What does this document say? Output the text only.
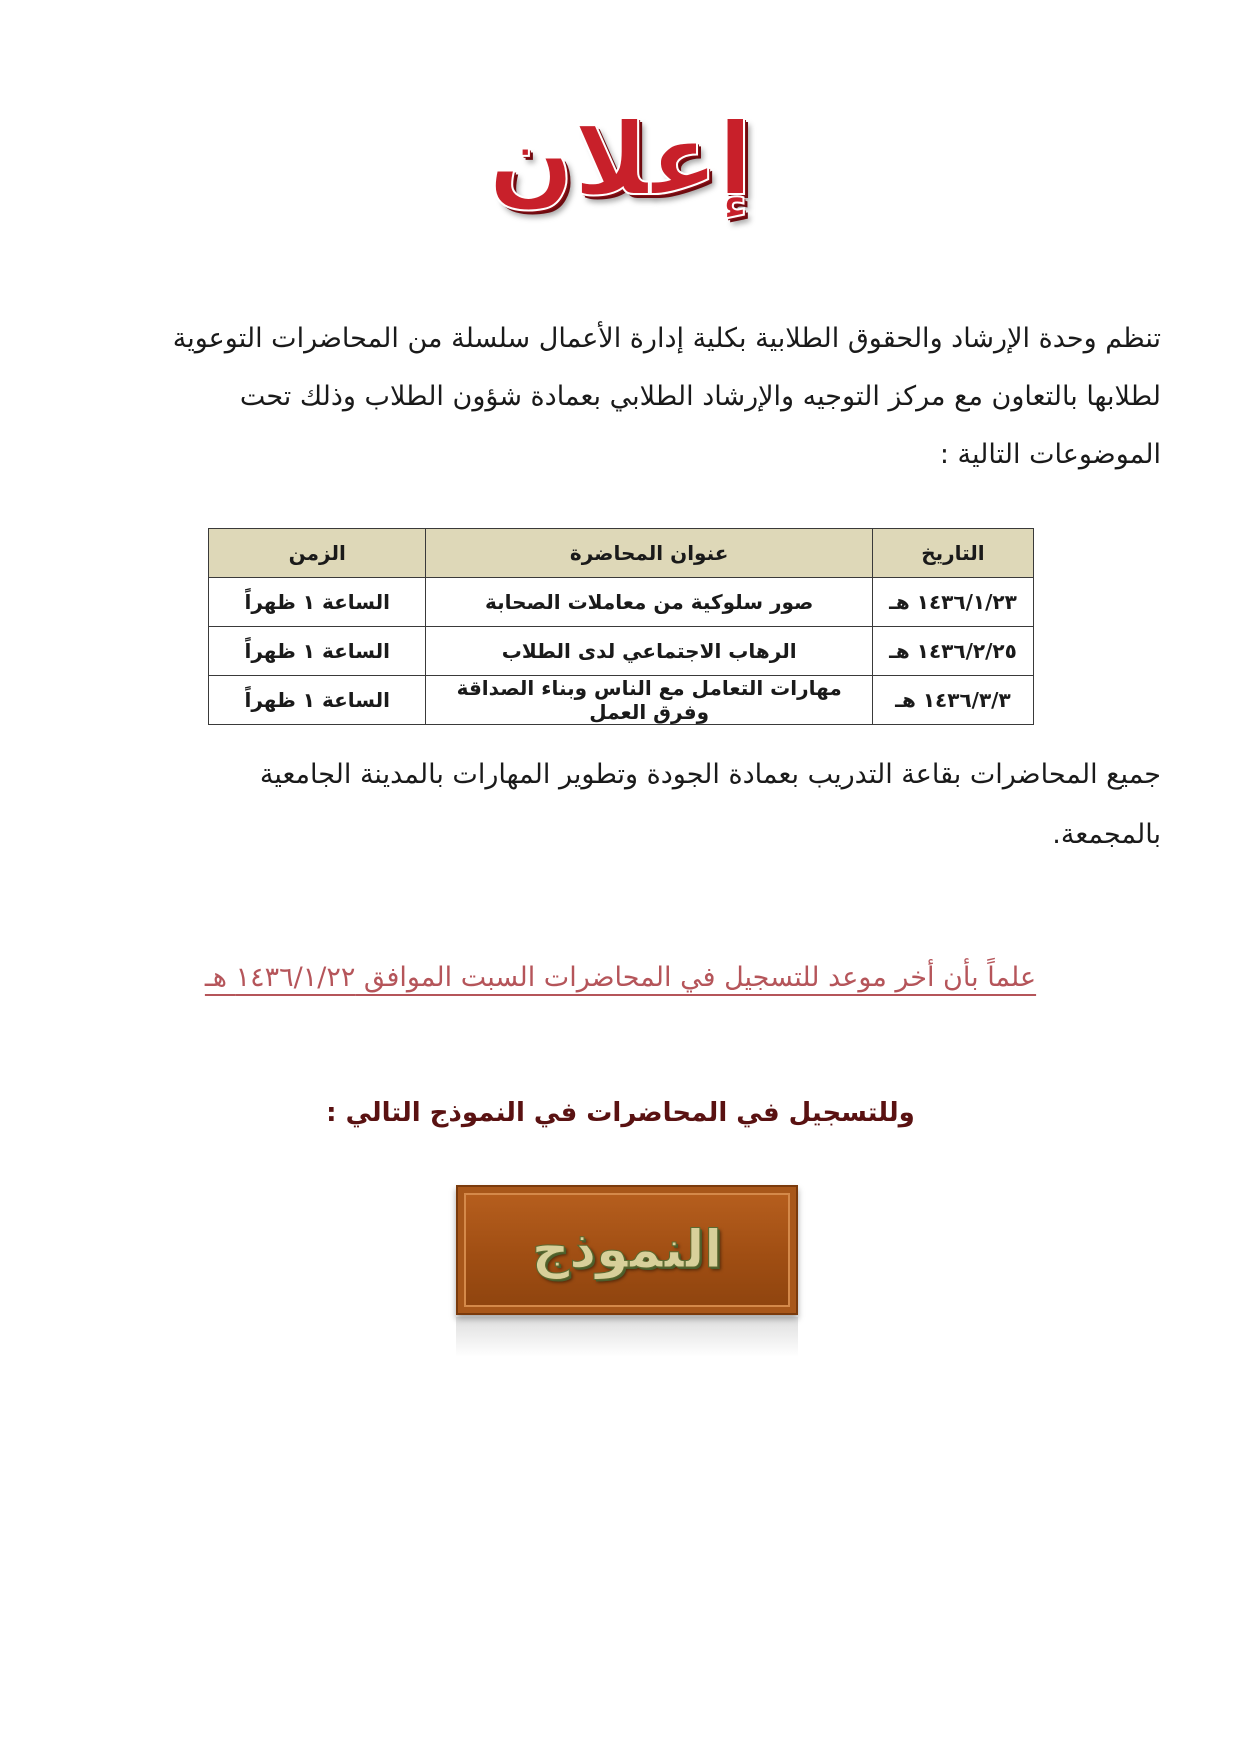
إعلان
تنظم وحدة الإرشاد والحقوق الطلابية بكلية إدارة الأعمال سلسلة من المحاضرات التوعوية
لطلابها بالتعاون مع مركز التوجيه والإرشاد الطلابي بعمادة شؤون الطلاب وذلك تحت
الموضوعات التالية :
التاريخ	عنوان المحاضرة	الزمن
١٤٣٦/١/٢٣ هـ	صور سلوكية من معاملات الصحابة	الساعة ١ ظهراً
١٤٣٦/٢/٢٥ هـ	الرهاب الاجتماعي لدى الطلاب	الساعة ١ ظهراً
١٤٣٦/٣/٣ هـ	مهارات التعامل مع الناس وبناء الصداقة وفرق العمل	الساعة ١ ظهراً
جميع المحاضرات بقاعة التدريب بعمادة الجودة وتطوير المهارات بالمدينة الجامعية
بالمجمعة.
علماً بأن أخر موعد للتسجيل في المحاضرات السبت الموافق ١٤٣٦/١/٢٢ هـ
وللتسجيل في المحاضرات في النموذج التالي :
النموذج
